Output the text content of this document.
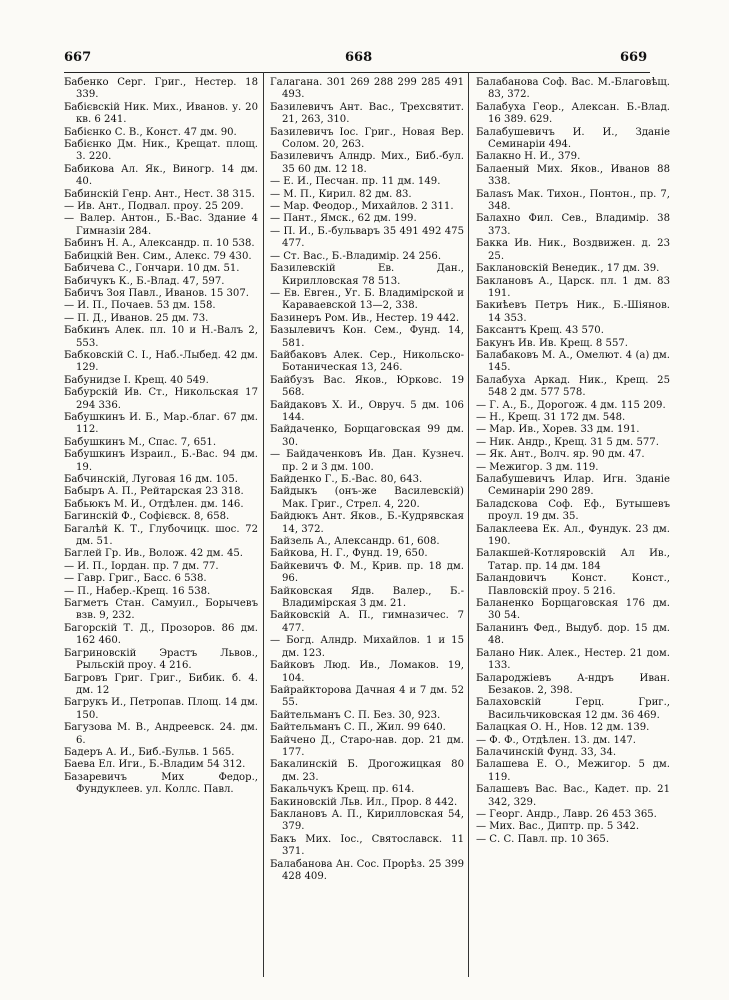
667	668	669

Бабенко Серг. Григ., Нестер. 18 339.

Бабієвскій Ник. Мих., Иванов. у. 20 кв. 6 241.

Бабієнко С. В., Конст. 47 дм. 90.

Бабієнко Дм. Ник., Крещат. площ. 3. 220.

Бабикова Ал. Як., Виногр. 14 дм. 40.

Бабинскій Генр. Ант., Нест. 38 315.

— Ив. Ант., Подвал. проу. 25 209.

— Валер. Антон., Б.-Вас. Здание 4 Гимназіи 284.

Бабинъ Н. А., Александр. п. 10 538.

Бабицкій Вен. Сим., Алекс. 79 430.

Бабичева С., Гончари. 10 дм. 51.

Бабичукъ К., Б.-Влад. 47, 597.

Бабичъ Зоя Павл., Иванов. 15 307.

— И. П., Почаев. 53 дм. 158.

— П. Д., Иванов. 25 дм. 73.

Бабкинъ Алек. пл. 10 и Н.-Валъ 2, 553.

Бабковскій С. І., Наб.-Лыбед. 42 дм. 129.

Бабунидзе І. Крещ. 40 549.

Бабурскій Ив. Ст., Никольская 17 294 336.

Бабушкинъ И. Б., Мар.-благ. 67 дм. 112.

Бабушкинъ М., Спас. 7, 651.

Бабушкинъ Израил., Б.-Вас. 94 дм. 19.

Бабчинскій, Луговая 16 дм. 105.

Бабыръ А. П., Рейтарская 23 318.

Бабьюкъ М. И., Отдѣлен. дм. 146.

Багинскій Ф., Софієвск. 8, 658.

Багалѣй К. Т., Глубочицк. шос. 72 дм. 51.

Баглей Гр. Ив., Волож. 42 дм. 45.

— И. П., Іордан. пр. 7 дм. 77.

— Гавр. Григ., Басс. 6 538.

— П., Набер.-Крещ. 16 538.

Багметъ Стан. Самуил., Борычевъ взв. 9, 232.

Багорскій Т. Д., Прозоров. 86 дм. 162 460.

Багриновскій Эрастъ Львов., Рыльскій проу. 4 216.

Багровъ Григ. Григ., Бибик. б. 4. дм. 12

Багрукъ И., Петропав. Площ. 14 дм. 150.

Багузова М. В., Андреевск. 24. дм. 6.

Бадеръ А. И., Биб.-Бульв. 1 565.

Баева Ел. Иги., Б.-Владим 54 312.

Базаревичъ Мих Федор., Фундуклеев. ул. Коллс. Павл.

Галагана. 301 269 288 299 285 491 493.

Базилевичъ Ант. Вас., Трехсвятит. 21, 263, 310.

Базилевичъ Іос. Григ., Новая Вер. Солом. 20, 263.

Базилевичъ Алндр. Мих., Биб.-бул. 35 60 дм. 12 18.

— Е. И., Песчан. пр. 11 дм. 149.

— М. П., Кирил. 82 дм. 83.

— Мар. Феодор., Михайлов. 2 311.

— Пант., Ямск., 62 дм. 199.

— П. И., Б.-бульваръ 35 491 492 475 477.

— Ст. Вас., Б.-Владимір. 24 256.

Базилевскій Ев. Дан., Кирилловская 78 513.

— Ев. Евген., Уг. Б. Владимірской и Караваевской 13—2, 338.

Базинеръ Ром. Ив., Нестер. 19 442.

Базылевичъ Кон. Сем., Фунд. 14, 581.

Байбаковъ Алек. Сер., Никольско-Ботаническая 13, 246.

Байбузъ Вас. Яков., Юрковс. 19 568.

Байдаковъ Х. И., Овруч. 5 дм. 106 144.

Байдаченко, Борщаговская 99 дм. 30.

— Байдаченковъ Ив. Дан. Кузнеч. пр. 2 и 3 дм. 100.

Байденко Г., Б.-Вас. 80, 643.

Байдыкъ (онъ-же Василевскій) Мак. Григ., Стрел. 4, 220.

Байдюкъ Ант. Яков., Б.-Кудрявская 14, 372.

Байзель А., Александр. 61, 608.

Байкова, Н. Г., Фунд. 19, 650.

Байкевичъ Ф. М., Крив. пр. 18 дм. 96.

Байковская Ядв. Валер., Б.-Владимірская 3 дм. 21.

Байковскій А. П., гимназичес. 7 477.

— Богд. Алндр. Михайлов. 1 и 15 дм. 123.

Байковъ Люд. Ив., Ломаков. 19, 104.

Байрайкторова Дачная 4 и 7 дм. 52 55.

Байтельманъ С. П. Без. 30, 923.

Байтельманъ С. П., Жил. 99 640.

Байчено Д., Старо-нав. дор. 21 дм. 177.

Бакалинскій Б. Дрогожицкая 80 дм. 23.

Бакальчукъ Крещ. пр. 614.

Бакиновскій Льв. Ил., Прор. 8 442.

Баклановъ А. П., Кирилловская 54, 379.

Бакъ Мих. Іос., Святославск. 11 371.

Балабанова Ан. Сос. Прорѣз. 25 399 428 409.

Балабанова Соф. Вас. М.-Благовѣщ. 83, 372.

Балабуха Геор., Алексан. Б.-Влад. 16 389. 629.

Балабушевичъ И. И., Зданіе Семинаріи 494.

Балакно Н. И., 379.

Балаеный Мих. Яков., Иванов 88 338.

Балаsъ Мак. Тихон., Понтон., пр. 7, 348.

Балахно Фил. Сев., Владимір. 38 373.

Бакка Ив. Ник., Воздвижен. д. 23 25.

Баклановскій Венедик., 17 дм. 39.

Баклановъ А., Царск. пл. 1 дм. 83 191.

Бакиѣевъ Петръ Ник., Б.-Шіянов. 14 353.

Баксантъ Крещ. 43 570.

Бакунъ Ив. Ив. Крещ. 8 557.

Балабаковъ М. А., Омелют. 4 (а) дм. 145.

Балабуха Аркад. Ник., Крещ. 25 548 2 дм. 577 578.

— Г. А., Б., Дорогож. 4 дм. 115 209.

— Н., Крещ. 31 172 дм. 548.

— Мар. Ив., Хорев. 33 дм. 191.

— Ник. Андр., Крещ. 31 5 дм. 577.

— Як. Ант., Волч. яр. 90 дм. 47.

— Межигор. 3 дм. 119.

Балабушевичъ Илар. Игн. Зданіе Семинаріи 290 289.

Баладскова Соф. Еф., Бутышевъ проул. 19 дм. 35.

Балаклеева Ек. Ал., Фундук. 23 дм. 190.

Балакшей-Котляровскій Ал Ив., Татар. пр. 14 дм. 184

Баландовичъ Конст. Конст., Павловскій проу. 5 216.

Баланенко Борщаговская 176 дм. 30 54.

Баланинъ Фед., Выдуб. дор. 15 дм. 48.

Балано Ник. Алек., Нестер. 21 дом. 133.

Балароджіевъ А-ндръ Иван. Безаков. 2, 398.

Балаховскій Герц. Григ., Васильчиковская 12 дм. 36 469.

Балацкая О. Н., Нов. 12 дм. 139.

— Ф. Ф., Отдѣлен. 13. дм. 147.

Балачинскій Фунд. 33, 34.

Балашева Е. О., Межигор. 5 дм. 119.

Балашевъ Вас. Вас., Кадет. пр. 21 342, 329.

— Георг. Андр., Лавр. 26 453 365.

— Мих. Вас., Диптр. пр. 5 342.

— С. С. Павл. пр. 10 365.
